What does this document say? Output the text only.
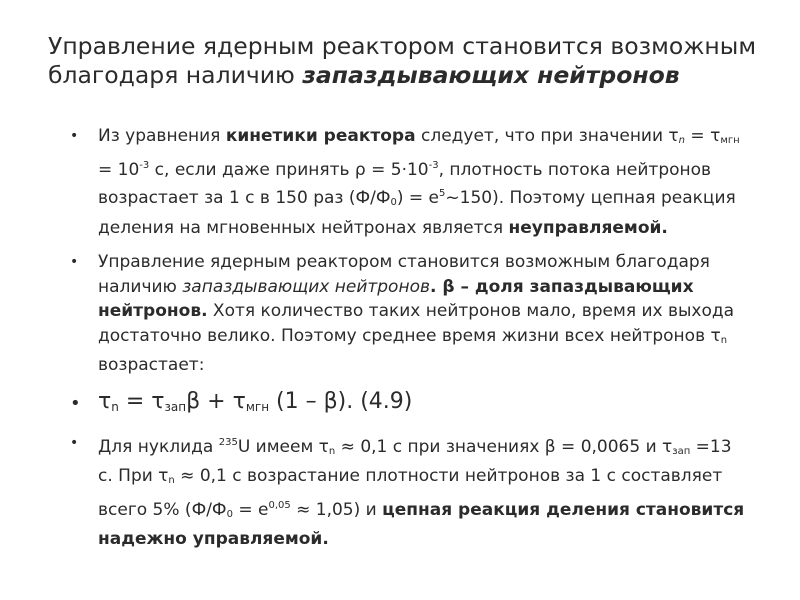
Управление ядерным реактором становится возможным благодаря наличию запаздывающих нейтронов
• Из уравнения кинетики реактора следует, что при значении $\tau_n = \tau_{мгн} = 10^{-3}$ с, если даже принять $\rho = 5\cdot 10^{-3}$, плотность потока нейтронов возрастает за 1 с в 150 раз $(Ф/Ф_0)$ = $e^5\sim 150$). Поэтому цепная реакция деления на мгновенных нейтронах является неуправляемой.
• Управление ядерным реактором становится возможным благодаря наличию запаздывающих нейтронов. β – доля запаздывающих нейтронов. Хотя количество таких нейтронов мало, время их выхода достаточно велико. Поэтому среднее время жизни всех нейтронов $\tau_n$ возрастает:
• $\tau_n = \tau_{зап}\beta + \tau_{мгн}$ (1 – β). (4.9)
• Для нуклида $^{235}$U имеем $\tau_n \approx 0,1$ с при значениях β = 0,0065 и $\tau_{зап} =13$ с. При $\tau_n \approx 0,1$ с возрастание плотности нейтронов за 1 с составляет всего 5% $(Ф/Ф_0 = e^{0,05} \approx 1,05)$ и цепная реакция деления становится надежно управляемой.
